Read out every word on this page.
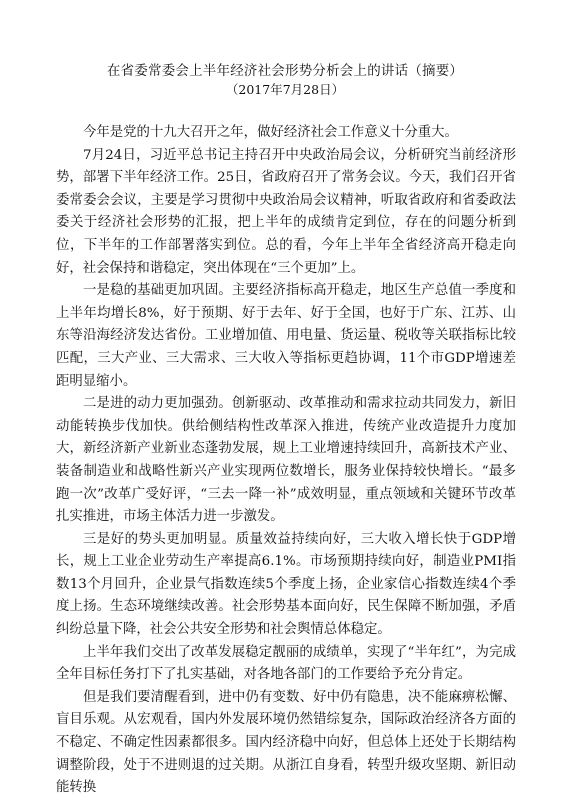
在省委常委会上半年经济社会形势分析会上的讲话（摘要）
（2017年7月28日）

今年是党的十九大召开之年，做好经济社会工作意义十分重大。

7月24日，习近平总书记主持召开中央政治局会议，分析研究当前经济形势，部署下半年经济工作。25日，省政府召开了常务会议。今天，我们召开省委常委会会议，主要是学习贯彻中央政治局会议精神，听取省政府和省委政法委关于经济社会形势的汇报，把上半年的成绩肯定到位，存在的问题分析到位，下半年的工作部署落实到位。总的看，今年上半年全省经济高开稳走向好，社会保持和谐稳定，突出体现在“三个更加”上。

一是稳的基础更加巩固。主要经济指标高开稳走，地区生产总值一季度和上半年均增长8%，好于预期、好于去年、好于全国，也好于广东、江苏、山东等沿海经济发达省份。工业增加值、用电量、货运量、税收等关联指标比较匹配，三大产业、三大需求、三大收入等指标更趋协调，11个市GDP增速差距明显缩小。

二是进的动力更加强劲。创新驱动、改革推动和需求拉动共同发力，新旧动能转换步伐加快。供给侧结构性改革深入推进，传统产业改造提升力度加大，新经济新产业新业态蓬勃发展，规上工业增速持续回升，高新技术产业、装备制造业和战略性新兴产业实现两位数增长，服务业保持较快增长。“最多跑一次”改革广受好评，“三去一降一补”成效明显，重点领域和关键环节改革扎实推进，市场主体活力进一步激发。

三是好的势头更加明显。质量效益持续向好，三大收入增长快于GDP增长，规上工业企业劳动生产率提高6.1%。市场预期持续向好，制造业PMI指数13个月回升，企业景气指数连续5个季度上扬，企业家信心指数连续4个季度上扬。生态环境继续改善。社会形势基本面向好，民生保障不断加强，矛盾纠纷总量下降，社会公共安全形势和社会舆情总体稳定。

上半年我们交出了改革发展稳定靓丽的成绩单，实现了“半年红”，为完成全年目标任务打下了扎实基础，对各地各部门的工作要给予充分肯定。

但是我们要清醒看到，进中仍有变数、好中仍有隐患，决不能麻痹松懈、盲目乐观。从宏观看，国内外发展环境仍然错综复杂，国际政治经济各方面的不稳定、不确定性因素都很多。国内经济稳中向好，但总体上还处于长期结构调整阶段，处于不进则退的过关期。从浙江自身看，转型升级攻坚期、新旧动能转换
